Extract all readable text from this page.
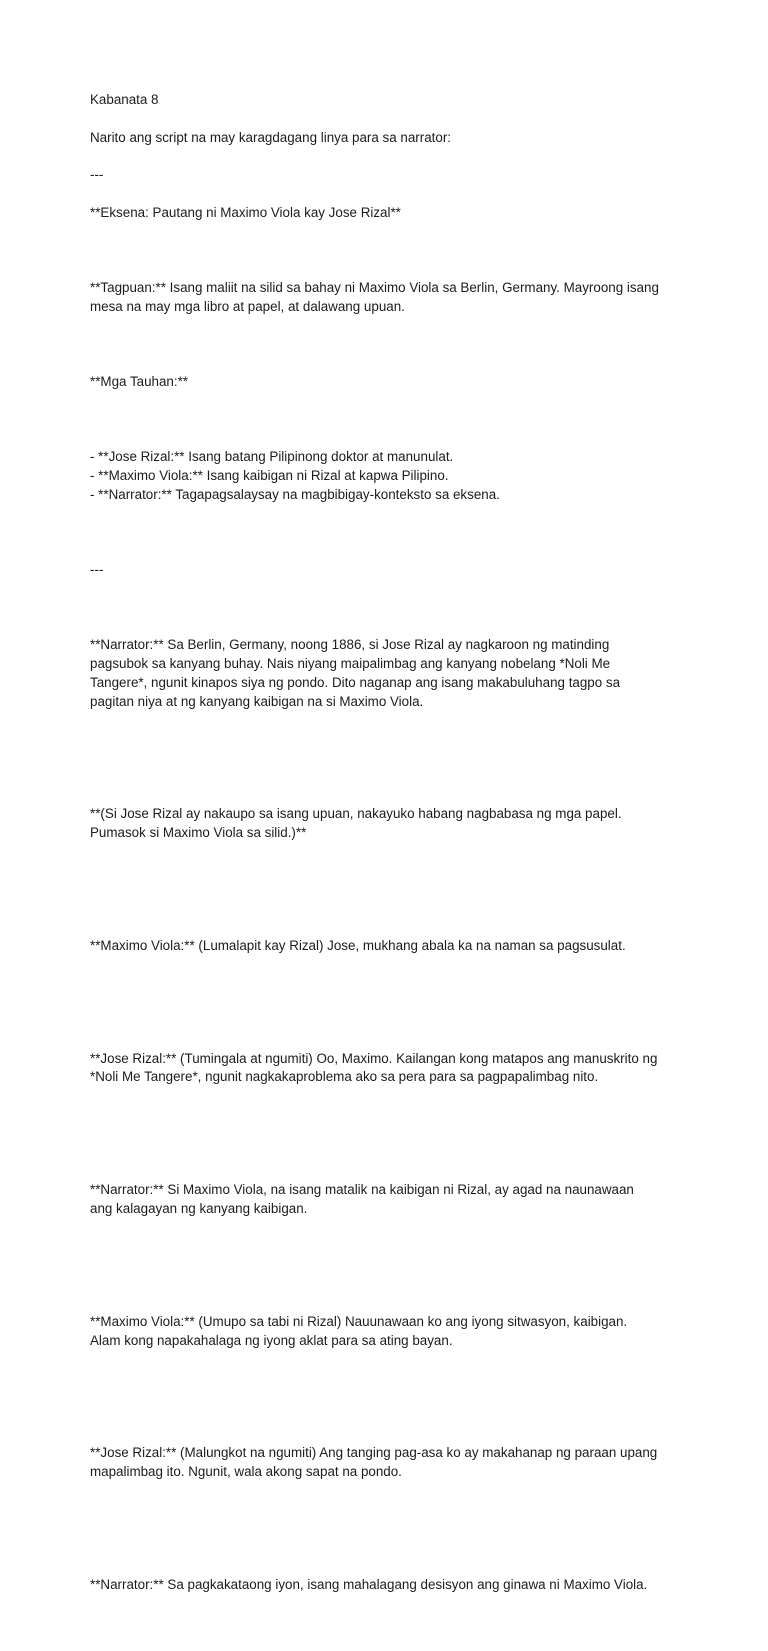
Kabanata 8

Narito ang script na may karagdagang linya para sa narrator:

---

**Eksena: Pautang ni Maximo Viola kay Jose Rizal**

**Tagpuan:** Isang maliit na silid sa bahay ni Maximo Viola sa Berlin, Germany. Mayroong isang
mesa na may mga libro at papel, at dalawang upuan.

**Mga Tauhan:**

- **Jose Rizal:** Isang batang Pilipinong doktor at manunulat.
- **Maximo Viola:** Isang kaibigan ni Rizal at kapwa Pilipino.
- **Narrator:** Tagapagsalaysay na magbibigay-konteksto sa eksena.

---

**Narrator:** Sa Berlin, Germany, noong 1886, si Jose Rizal ay nagkaroon ng matinding
pagsubok sa kanyang buhay. Nais niyang maipalimbag ang kanyang nobelang *Noli Me
Tangere*, ngunit kinapos siya ng pondo. Dito naganap ang isang makabuluhang tagpo sa
pagitan niya at ng kanyang kaibigan na si Maximo Viola.

**(Si Jose Rizal ay nakaupo sa isang upuan, nakayuko habang nagbabasa ng mga papel.
Pumasok si Maximo Viola sa silid.)**

**Maximo Viola:** (Lumalapit kay Rizal) Jose, mukhang abala ka na naman sa pagsusulat.

**Jose Rizal:** (Tumingala at ngumiti) Oo, Maximo. Kailangan kong matapos ang manuskrito ng
*Noli Me Tangere*, ngunit nagkakaproblema ako sa pera para sa pagpapalimbag nito.

**Narrator:** Si Maximo Viola, na isang matalik na kaibigan ni Rizal, ay agad na naunawaan
ang kalagayan ng kanyang kaibigan.

**Maximo Viola:** (Umupo sa tabi ni Rizal) Nauunawaan ko ang iyong sitwasyon, kaibigan.
Alam kong napakahalaga ng iyong aklat para sa ating bayan.

**Jose Rizal:** (Malungkot na ngumiti) Ang tanging pag-asa ko ay makahanap ng paraan upang
mapalimbag ito. Ngunit, wala akong sapat na pondo.

**Narrator:** Sa pagkakataong iyon, isang mahalagang desisyon ang ginawa ni Maximo Viola.
